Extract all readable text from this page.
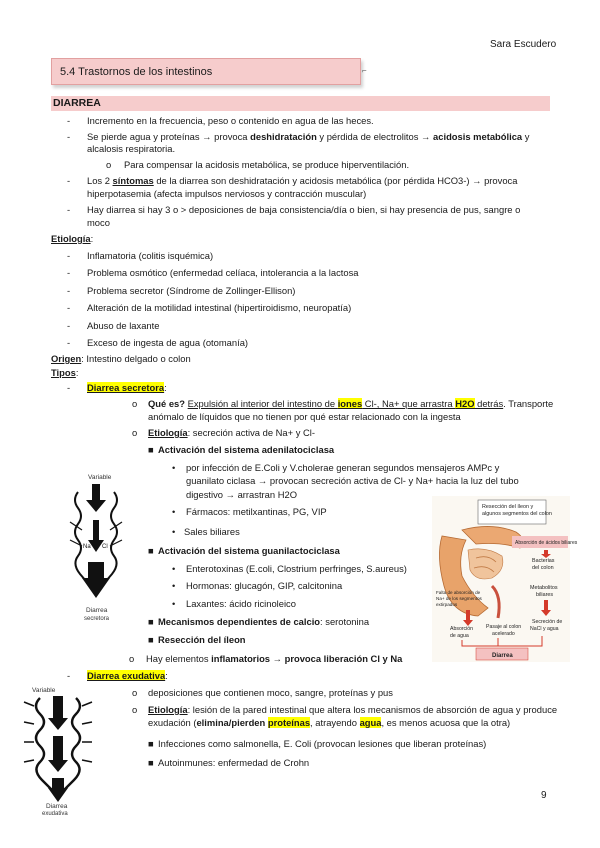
Sara Escudero
5.4 Trastornos de los intestinos	⌐
DIARREA
- Incremento en la frecuencia, peso o contenido en agua de las heces.
- Se pierde agua y proteínas → provoca deshidratación y pérdida de electrolitos → acidosis metabólica y
alcalosis respiratoria.
o Para compensar la acidosis metabólica, se produce hiperventilación.
- Los 2 síntomas de la diarrea son deshidratación y acidosis metabólica (por pérdida HCO3-) → provoca
hiperpotasemia (afecta impulsos nerviosos y contracción muscular)
- Hay diarrea si hay 3 o > deposiciones de baja consistencia/día o bien, si hay presencia de pus, sangre o
moco
Etiología:
- Inflamatoria (colitis isquémica)
- Problema osmótico (enfermedad celíaca, intolerancia a la lactosa
- Problema secretor (Síndrome de Zollinger-Ellison)
- Alteración de la motilidad intestinal (hipertiroidismo, neuropatía)
- Abuso de laxante
- Exceso de ingesta de agua (otomanía)
Origen: Intestino delgado o colon
Tipos:
- Diarrea secretora:
o Qué es? Expulsión al interior del intestino de iones Cl-, Na+ que arrastra H2O detrás. Transporte
anómalo de líquidos que no tienen por qué estar relacionado con la ingesta
o Etiología: secreción activa de Na+ y Cl-
■ Activación del sistema adenilatociclasa
• por infección de E.Coli y V.cholerae generan segundos mensajeros AMPc y
guanilato ciclasa → provocan secreción activa de Cl- y Na+ hacia la luz del tubo
digestivo → arrastran H2O
• Fármacos: metilxantinas, PG, VIP
• Sales biliares
■ Activación del sistema guanilactociclasa
• Enterotoxinas (E.coli, Clostrium perfringes, S.aureus)
• Hormonas: glucagón, GIP, calcitonina
• Laxantes: ácido ricinoleico
■ Mecanismos dependientes de calcio: serotonina
■ Resección del íleon
o Hay elementos inflamatorios → provoca liberación Cl y Na
- Diarrea exudativa:
o deposiciones que contienen moco, sangre, proteínas y pus
o Etiología: lesión de la pared intestinal que altera los mecanismos de absorción de agua y produce
exudación (elimina/pierden proteínas, atrayendo agua, es menos acuosa que la otra)
■ Infecciones como salmonella, E. Coli (provocan lesiones que liberan proteínas)
■ Autoinmunes: enfermedad de Crohn
9
Variable
Na Cl
Diarrea
secretora
Variable
Diarrea
exudativa
Resección del íleon y
algunos segmentos del colon
Absorción de ácidos biliares
Bacterias
del colon
Metabolitos
biliares
Falta de absorción de
Na+ de los segmentos
extirpados
Pasaje al colon
acelerado
Absorción
de agua
Secreción de
NaCl y agua
Diarrea
